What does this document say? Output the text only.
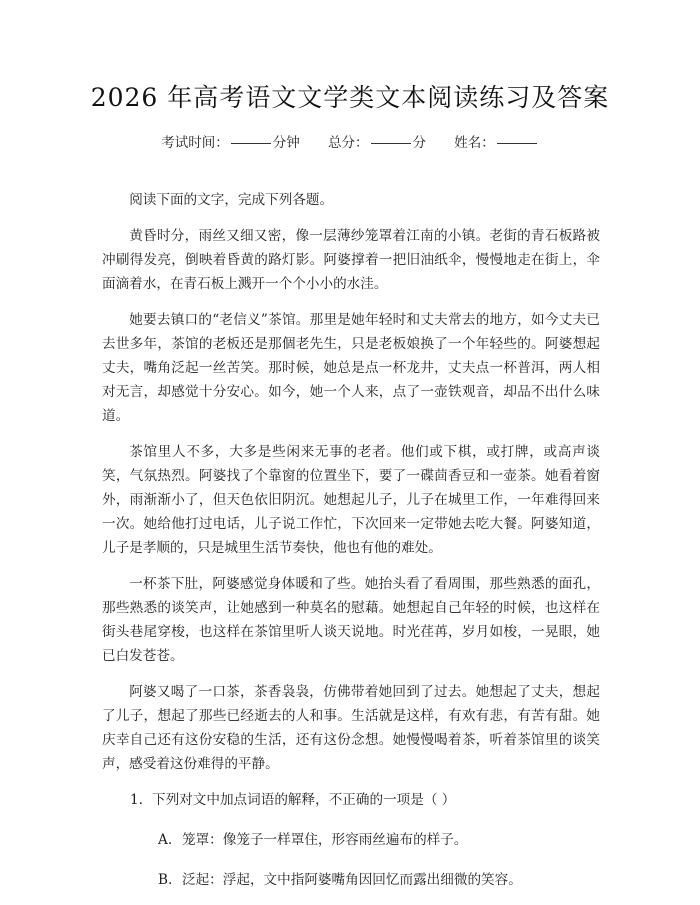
2026 年高考语文文学类文本阅读练习及答案
考试时间：	分钟 总分：	分 姓名：

阅读下面的文字，完成下列各题。

黄昏时分，雨丝又细又密，像一层薄纱笼罩着江南的小镇。老街的青石板路被冲刷得发亮，倒映着昏黄的路灯影。阿婆撑着一把旧油纸伞，慢慢地走在街上，伞面滴着水，在青石板上溅开一个个小小的水洼。

她要去镇口的“老信义”茶馆。那里是她年轻时和丈夫常去的地方，如今丈夫已去世多年，茶馆的老板还是那個老先生，只是老板娘换了一个年轻些的。阿婆想起丈夫，嘴角泛起一丝苦笑。那时候，她总是点一杯龙井，丈夫点一杯普洱，两人相对无言，却感觉十分安心。如今，她一个人来，点了一壶铁观音，却品不出什么味道。

茶馆里人不多，大多是些闲来无事的老者。他们或下棋，或打牌，或高声谈笑，气氛热烈。阿婆找了个靠窗的位置坐下，要了一碟茴香豆和一壶茶。她看着窗外，雨渐渐小了，但天色依旧阴沉。她想起儿子，儿子在城里工作，一年难得回来一次。她给他打过电话，儿子说工作忙，下次回来一定带她去吃大餐。阿婆知道，儿子是孝顺的，只是城里生活节奏快，他也有他的难处。

一杯茶下肚，阿婆感觉身体暖和了些。她抬头看了看周围，那些熟悉的面孔，那些熟悉的谈笑声，让她感到一种莫名的慰藉。她想起自己年轻的时候，也这样在街头巷尾穿梭，也这样在茶馆里听人谈天说地。时光荏苒，岁月如梭，一晃眼，她已白发苍苍。

阿婆又喝了一口茶，茶香袅袅，仿佛带着她回到了过去。她想起了丈夫，想起了儿子，想起了那些已经逝去的人和事。生活就是这样，有欢有悲，有苦有甜。她庆幸自己还有这份安稳的生活，还有这份念想。她慢慢喝着茶，听着茶馆里的谈笑声，感受着这份难得的平静。

1. 下列对文中加点词语的解释，不正确的一项是（ ）
A. 笼罩：像笼子一样罩住，形容雨丝遍布的样子。
B. 泛起：浮起，文中指阿婆嘴角因回忆而露出细微的笑容。
